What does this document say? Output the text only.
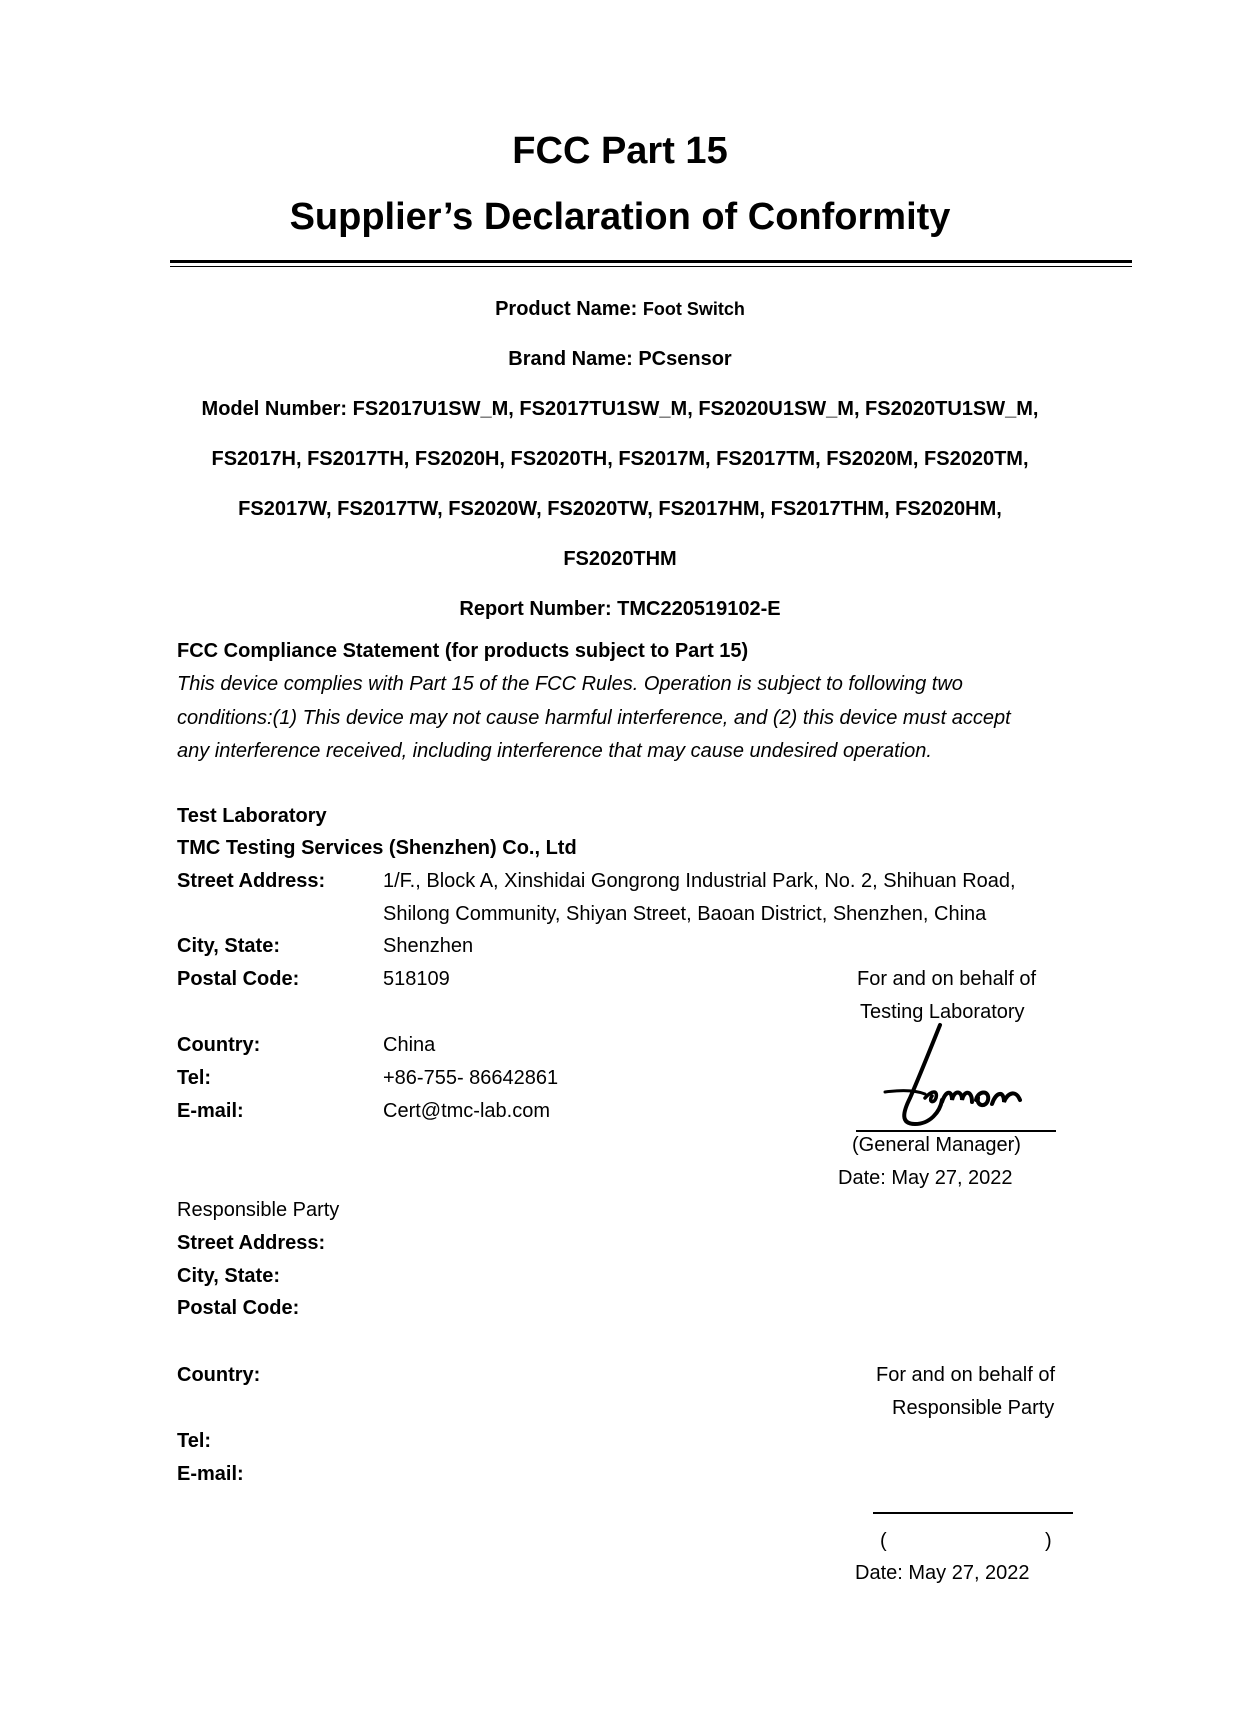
FCC Part 15
Supplier’s Declaration of Conformity
Product Name: Foot Switch
Brand Name: PCsensor
Model Number: FS2017U1SW_M, FS2017TU1SW_M, FS2020U1SW_M, FS2020TU1SW_M,
FS2017H, FS2017TH, FS2020H, FS2020TH, FS2017M, FS2017TM, FS2020M, FS2020TM,
FS2017W, FS2017TW, FS2020W, FS2020TW, FS2017HM, FS2017THM, FS2020HM,
FS2020THM
Report Number: TMC220519102-E
FCC Compliance Statement (for products subject to Part 15)
This device complies with Part 15 of the FCC Rules. Operation is subject to following two
conditions:(1) This device may not cause harmful interference, and (2) this device must accept
any interference received, including interference that may cause undesired operation.
Test Laboratory
TMC Testing Services (Shenzhen) Co., Ltd
Street Address:	1/F., Block A, Xinshidai Gongrong Industrial Park, No. 2, Shihuan Road,
Shilong Community, Shiyan Street, Baoan District, Shenzhen, China
City, State:	Shenzhen
Postal Code:	518109
Country:	China
Tel:	+86-755- 86642861
E-mail:	Cert@tmc-lab.com
For and on behalf of
Testing Laboratory
(General Manager)
Date: May 27, 2022
Responsible Party
Street Address:
City, State:
Postal Code:
Country:
Tel:
E-mail:
For and on behalf of
Responsible Party
(	)
Date: May 27, 2022
